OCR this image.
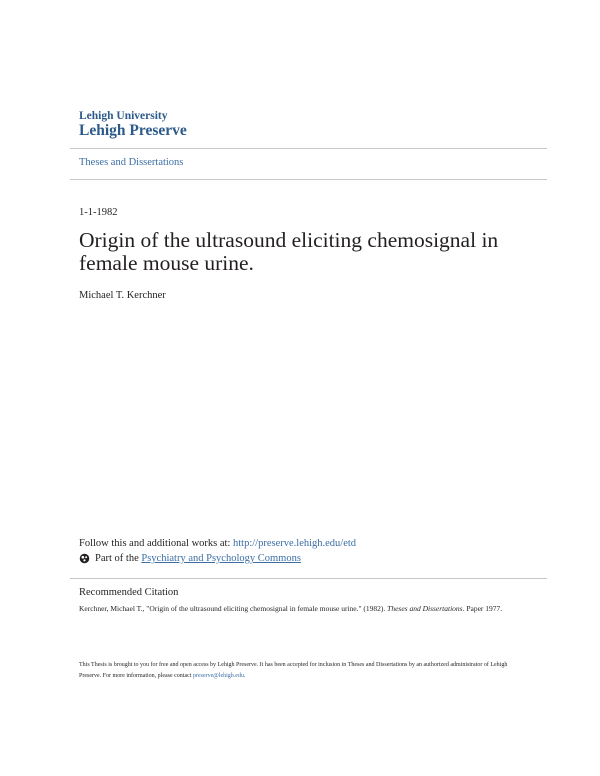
Lehigh University
Lehigh Preserve
Theses and Dissertations
1-1-1982
Origin of the ultrasound eliciting chemosignal in female mouse urine.
Michael T. Kerchner
Follow this and additional works at: http://preserve.lehigh.edu/etd
Part of the Psychiatry and Psychology Commons
Recommended Citation
Kerchner, Michael T., "Origin of the ultrasound eliciting chemosignal in female mouse urine." (1982). Theses and Dissertations. Paper 1977.
This Thesis is brought to you for free and open access by Lehigh Preserve. It has been accepted for inclusion in Theses and Dissertations by an authorized administrator of Lehigh Preserve. For more information, please contact preserve@lehigh.edu.
